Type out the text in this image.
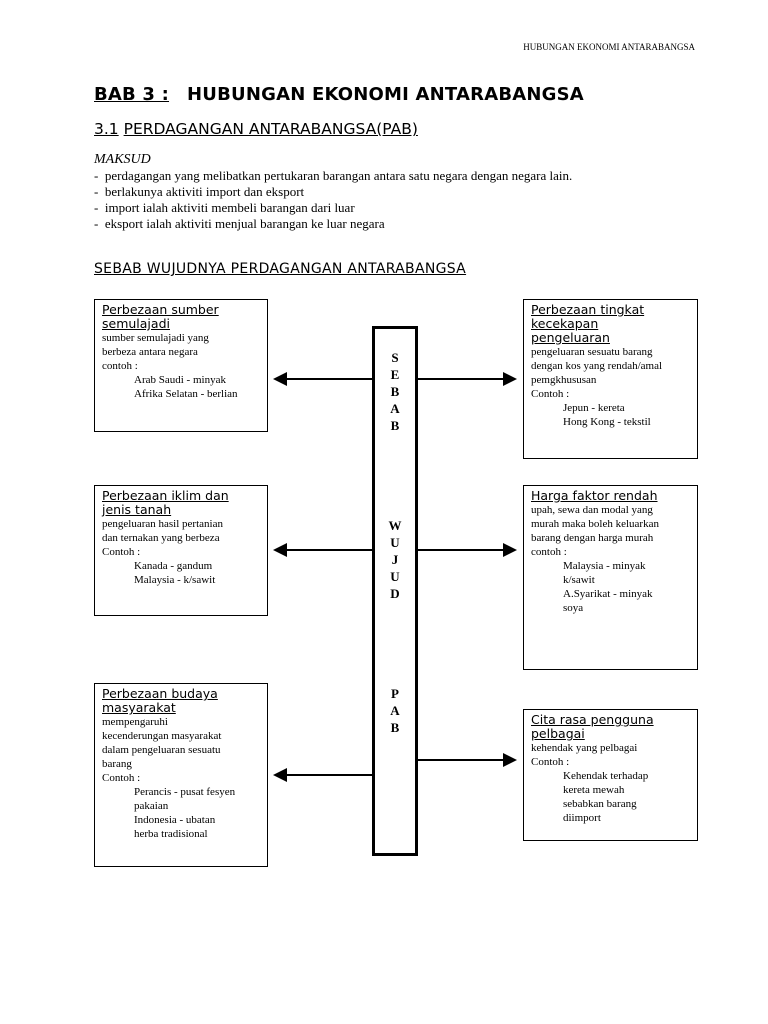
HUBUNGAN EKONOMI ANTARABANGSA
BAB 3 : HUBUNGAN EKONOMI ANTARABANGSA
3.1 PERDAGANGAN ANTARABANGSA(PAB)
MAKSUD
- perdagangan yang melibatkan pertukaran barangan antara satu negara dengan negara lain.
- berlakunya aktiviti import dan eksport
- import ialah aktiviti membeli barangan dari luar
- eksport ialah aktiviti menjual barangan ke luar negara
SEBAB WUJUDNYA PERDAGANGAN ANTARABANGSA
S
E
B
A
B
W
U
J
U
D
P
A
B
Perbezaan sumber
semulajadi
sumber semulajadi yang
berbeza antara negara
contoh :
Arab Saudi - minyak
Afrika Selatan - berlian
Perbezaan iklim dan
jenis tanah
pengeluaran hasil pertanian
dan ternakan yang berbeza
Contoh :
Kanada - gandum
Malaysia - k/sawit
Perbezaan budaya
masyarakat
mempengaruhi
kecenderungan masyarakat
dalam pengeluaran sesuatu
barang
Contoh :
Perancis - pusat fesyen
pakaian
Indonesia - ubatan
herba tradisional
Perbezaan tingkat
kecekapan
pengeluaran
pengeluaran sesuatu barang
dengan kos yang rendah/amal
pemgkhususan
Contoh :
Jepun - kereta
Hong Kong - tekstil
Harga faktor rendah
upah, sewa dan modal yang
murah maka boleh keluarkan
barang dengan harga murah
contoh :
Malaysia - minyak
k/sawit
A.Syarikat - minyak
soya
Cita rasa pengguna
pelbagai
kehendak yang pelbagai
Contoh :
Kehendak terhadap
kereta mewah
sebabkan barang
diimport
